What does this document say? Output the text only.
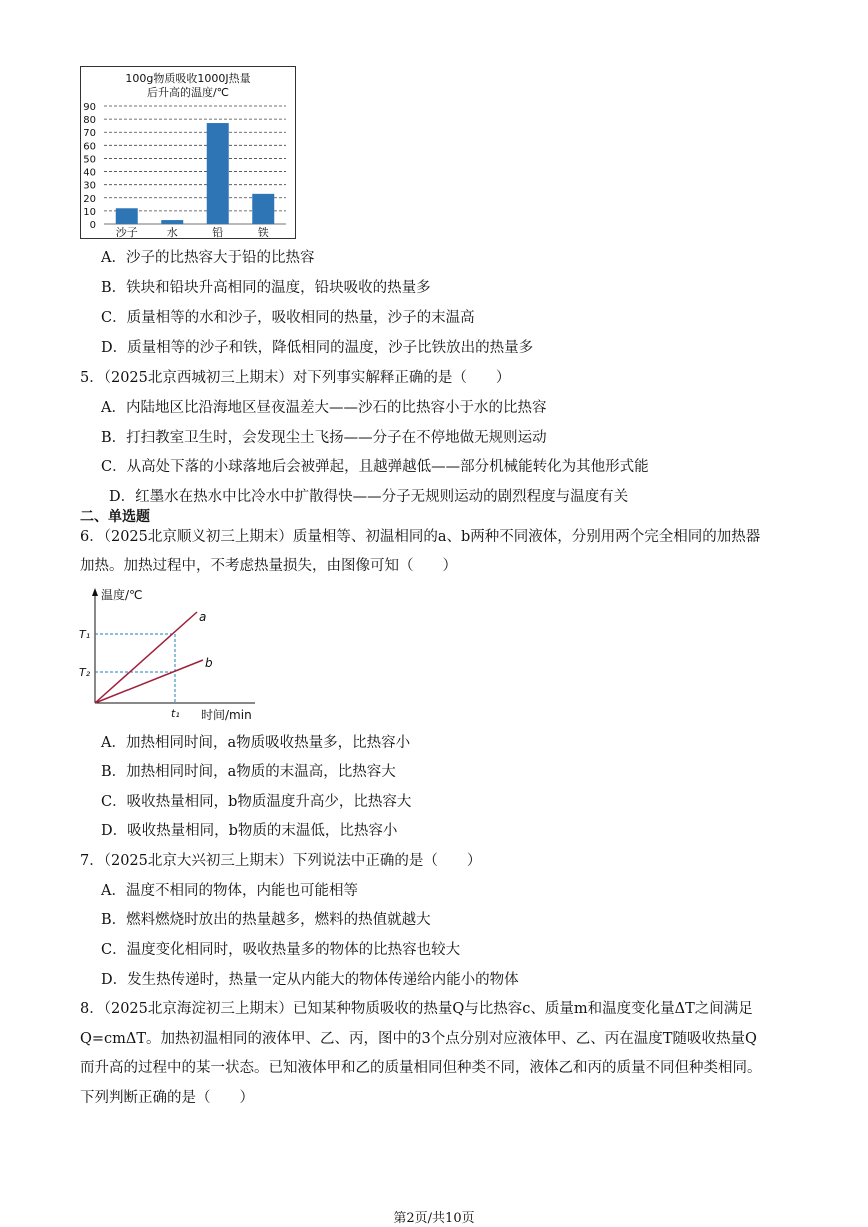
100g物质吸收1000J热量
后升高的温度/℃
90
80
70
60
50
40
30
20
10
0
沙子	水	铅	铁
A．沙子的比热容大于铅的比热容
B．铁块和铅块升高相同的温度，铅块吸收的热量多
C．质量相等的水和沙子，吸收相同的热量，沙子的末温高
D．质量相等的沙子和铁，降低相同的温度，沙子比铁放出的热量多
5．（2025北京西城初三上期末）对下列事实解释正确的是（　　）
A．内陆地区比沿海地区昼夜温差大——沙石的比热容小于水的比热容
B．打扫教室卫生时，会发现尘土飞扬——分子在不停地做无规则运动
C．从高处下落的小球落地后会被弹起，且越弹越低——部分机械能转化为其他形式能
D．红墨水在热水中比冷水中扩散得快——分子无规则运动的剧烈程度与温度有关
二、单选题
6．（2025北京顺义初三上期末）质量相等、初温相同的a、b两种不同液体，分别用两个完全相同的加热器
加热。加热过程中，不考虑热量损失，由图像可知（　　）
温度/℃
时间/min
a
b
T₁
T₂
t₁
A．加热相同时间，a物质吸收热量多，比热容小
B．加热相同时间，a物质的末温高，比热容大
C．吸收热量相同，b物质温度升高少，比热容大
D．吸收热量相同，b物质的末温低，比热容小
7．（2025北京大兴初三上期末）下列说法中正确的是（　　）
A．温度不相同的物体，内能也可能相等
B．燃料燃烧时放出的热量越多，燃料的热值就越大
C．温度变化相同时，吸收热量多的物体的比热容也较大
D．发生热传递时，热量一定从内能大的物体传递给内能小的物体
8．（2025北京海淀初三上期末）已知某种物质吸收的热量Q与比热容c、质量m和温度变化量ΔT之间满足
Q=cmΔT。加热初温相同的液体甲、乙、丙，图中的3个点分别对应液体甲、乙、丙在温度T随吸收热量Q
而升高的过程中的某一状态。已知液体甲和乙的质量相同但种类不同，液体乙和丙的质量不同但种类相同。
下列判断正确的是（　　）
第2页/共10页
